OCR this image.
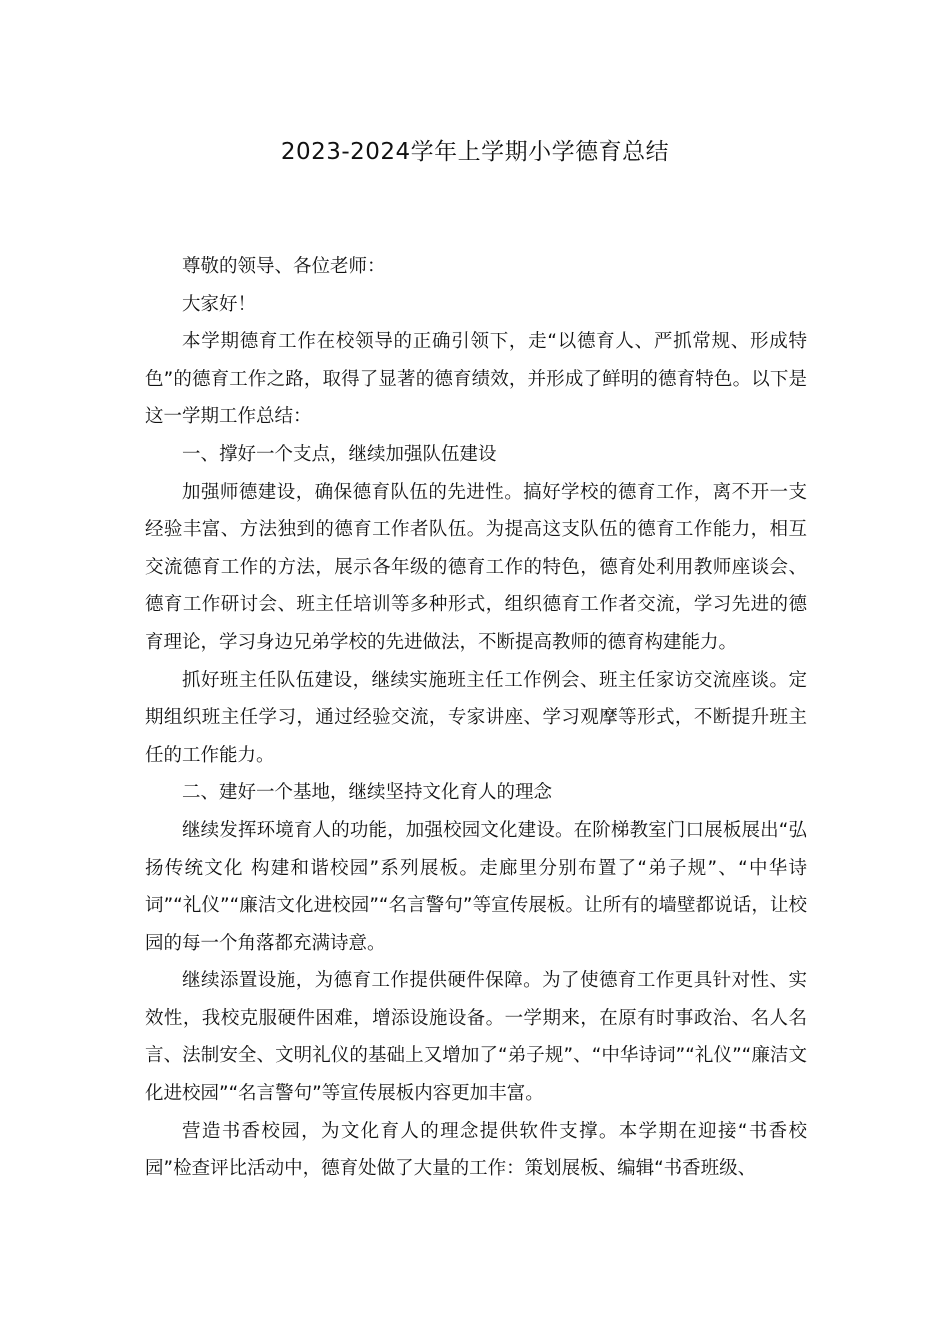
2023-2024学年上学期小学德育总结

尊敬的领导、各位老师：

大家好！

本学期德育工作在校领导的正确引领下，走“以德育人、严抓常规、形成特色”的德育工作之路，取得了显著的德育绩效，并形成了鲜明的德育特色。以下是这一学期工作总结：

一、撑好一个支点，继续加强队伍建设

加强师德建设，确保德育队伍的先进性。搞好学校的德育工作，离不开一支经验丰富、方法独到的德育工作者队伍。为提高这支队伍的德育工作能力，相互交流德育工作的方法，展示各年级的德育工作的特色，德育处利用教师座谈会、德育工作研讨会、班主任培训等多种形式，组织德育工作者交流，学习先进的德育理论，学习身边兄弟学校的先进做法，不断提高教师的德育构建能力。

抓好班主任队伍建设，继续实施班主任工作例会、班主任家访交流座谈。定期组织班主任学习，通过经验交流，专家讲座、学习观摩等形式，不断提升班主任的工作能力。

二、建好一个基地，继续坚持文化育人的理念

继续发挥环境育人的功能，加强校园文化建设。在阶梯教室门口展板展出“弘扬传统文化 构建和谐校园”系列展板。走廊里分别布置了“弟子规”、“中华诗词”“礼仪”“廉洁文化进校园”“名言警句”等宣传展板。让所有的墙壁都说话，让校园的每一个角落都充满诗意。

继续添置设施，为德育工作提供硬件保障。为了使德育工作更具针对性、实效性，我校克服硬件困难，增添设施设备。一学期来，在原有时事政治、名人名言、法制安全、文明礼仪的基础上又增加了“弟子规”、“中华诗词”“礼仪”“廉洁文化进校园”“名言警句”等宣传展板内容更加丰富。

营造书香校园，为文化育人的理念提供软件支撑。本学期在迎接“书香校园”检查评比活动中，德育处做了大量的工作：策划展板、编辑“书香班级、
